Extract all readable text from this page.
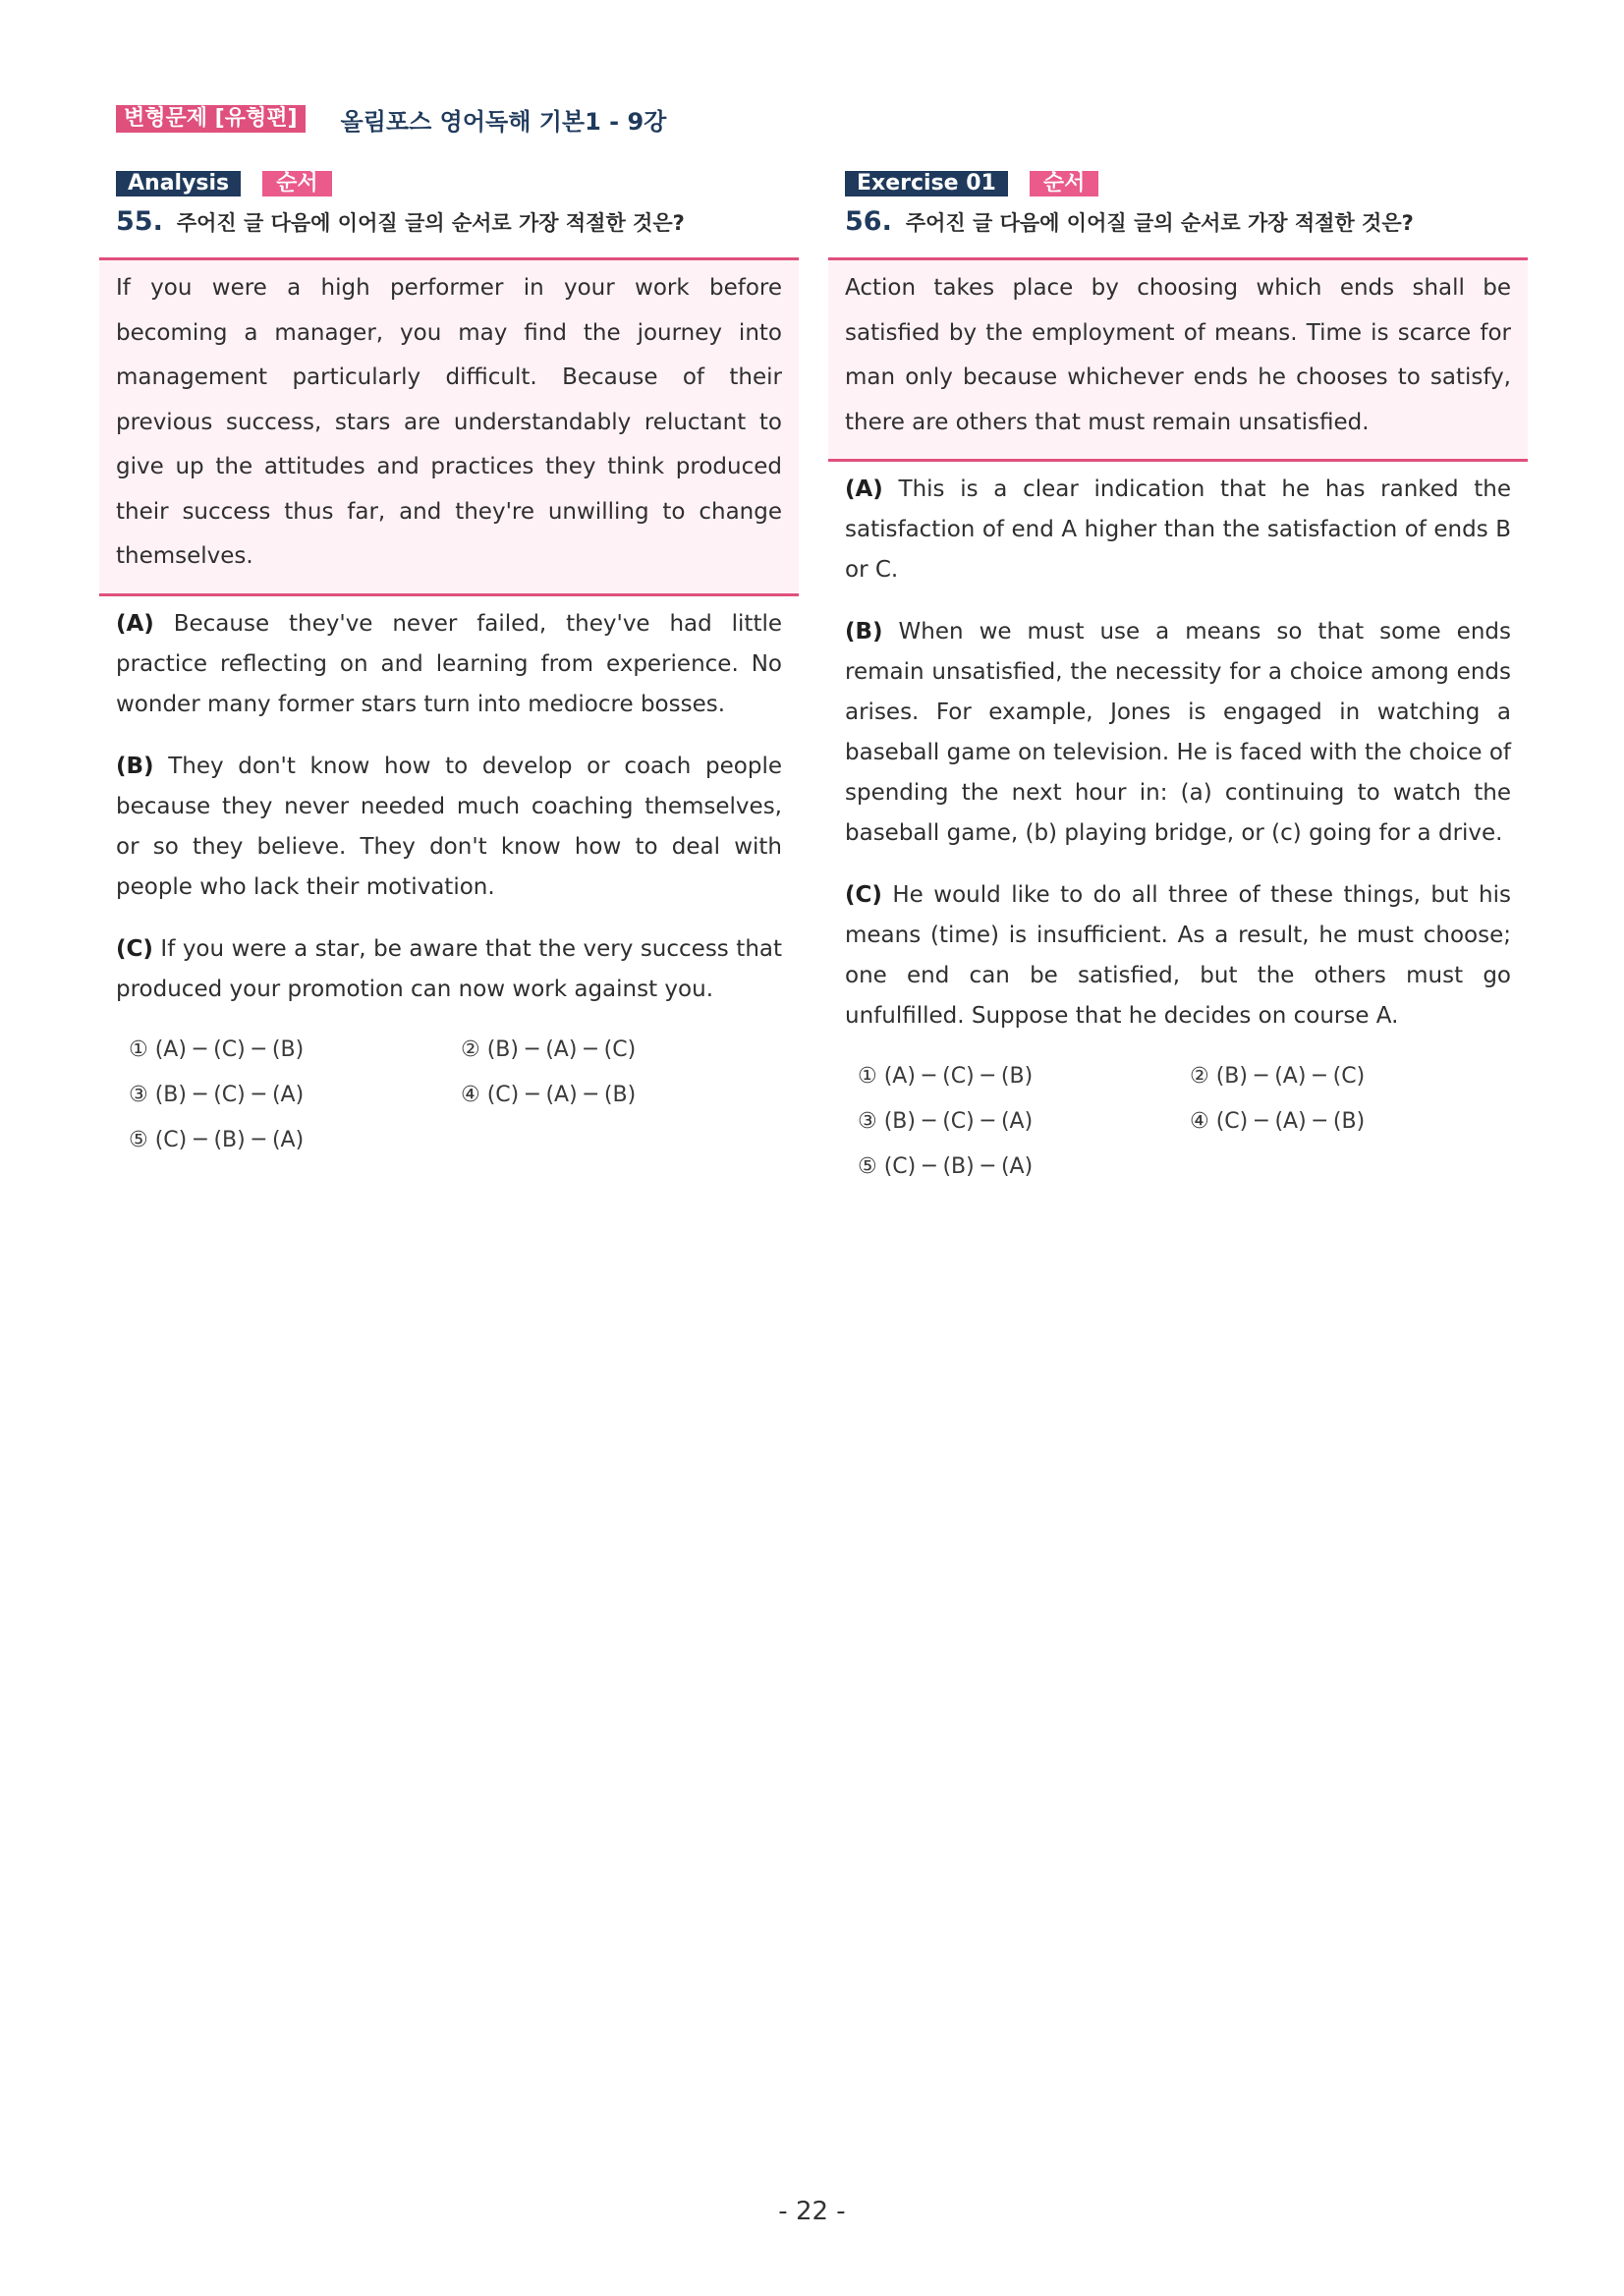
변형문제 [유형편]	올림포스 영어독해 기본1 - 9강
Analysis	순서
55. 주어진 글 다음에 이어질 글의 순서로 가장 적절한 것은?

If you were a high performer in your work before becoming a manager, you may find the journey into management particularly difficult. Because of their previous success, stars are understandably reluctant to give up the attitudes and practices they think produced their success thus far, and they're unwilling to change themselves.

(A) Because they've never failed, they've had little practice reflecting on and learning from experience. No wonder many former stars turn into mediocre bosses.

(B) They don't know how to develop or coach people because they never needed much coaching themselves, or so they believe. They don't know how to deal with people who lack their motivation.

(C) If you were a star, be aware that the very success that produced your promotion can now work against you.

① (A) ─ (C) ─ (B)	② (B) ─ (A) ─ (C)
③ (B) ─ (C) ─ (A)	④ (C) ─ (A) ─ (B)
⑤ (C) ─ (B) ─ (A)
Exercise 01	순서
56. 주어진 글 다음에 이어질 글의 순서로 가장 적절한 것은?

Action takes place by choosing which ends shall be satisfied by the employment of means. Time is scarce for man only because whichever ends he chooses to satisfy, there are others that must remain unsatisfied.

(A) This is a clear indication that he has ranked the satisfaction of end A higher than the satisfaction of ends B or C.

(B) When we must use a means so that some ends remain unsatisfied, the necessity for a choice among ends arises. For example, Jones is engaged in watching a baseball game on television. He is faced with the choice of spending the next hour in: (a) continuing to watch the baseball game, (b) playing bridge, or (c) going for a drive.

(C) He would like to do all three of these things, but his means (time) is insufficient. As a result, he must choose; one end can be satisfied, but the others must go unfulfilled. Suppose that he decides on course A.

① (A) ─ (C) ─ (B)	② (B) ─ (A) ─ (C)
③ (B) ─ (C) ─ (A)	④ (C) ─ (A) ─ (B)
⑤ (C) ─ (B) ─ (A)
- 22 -
